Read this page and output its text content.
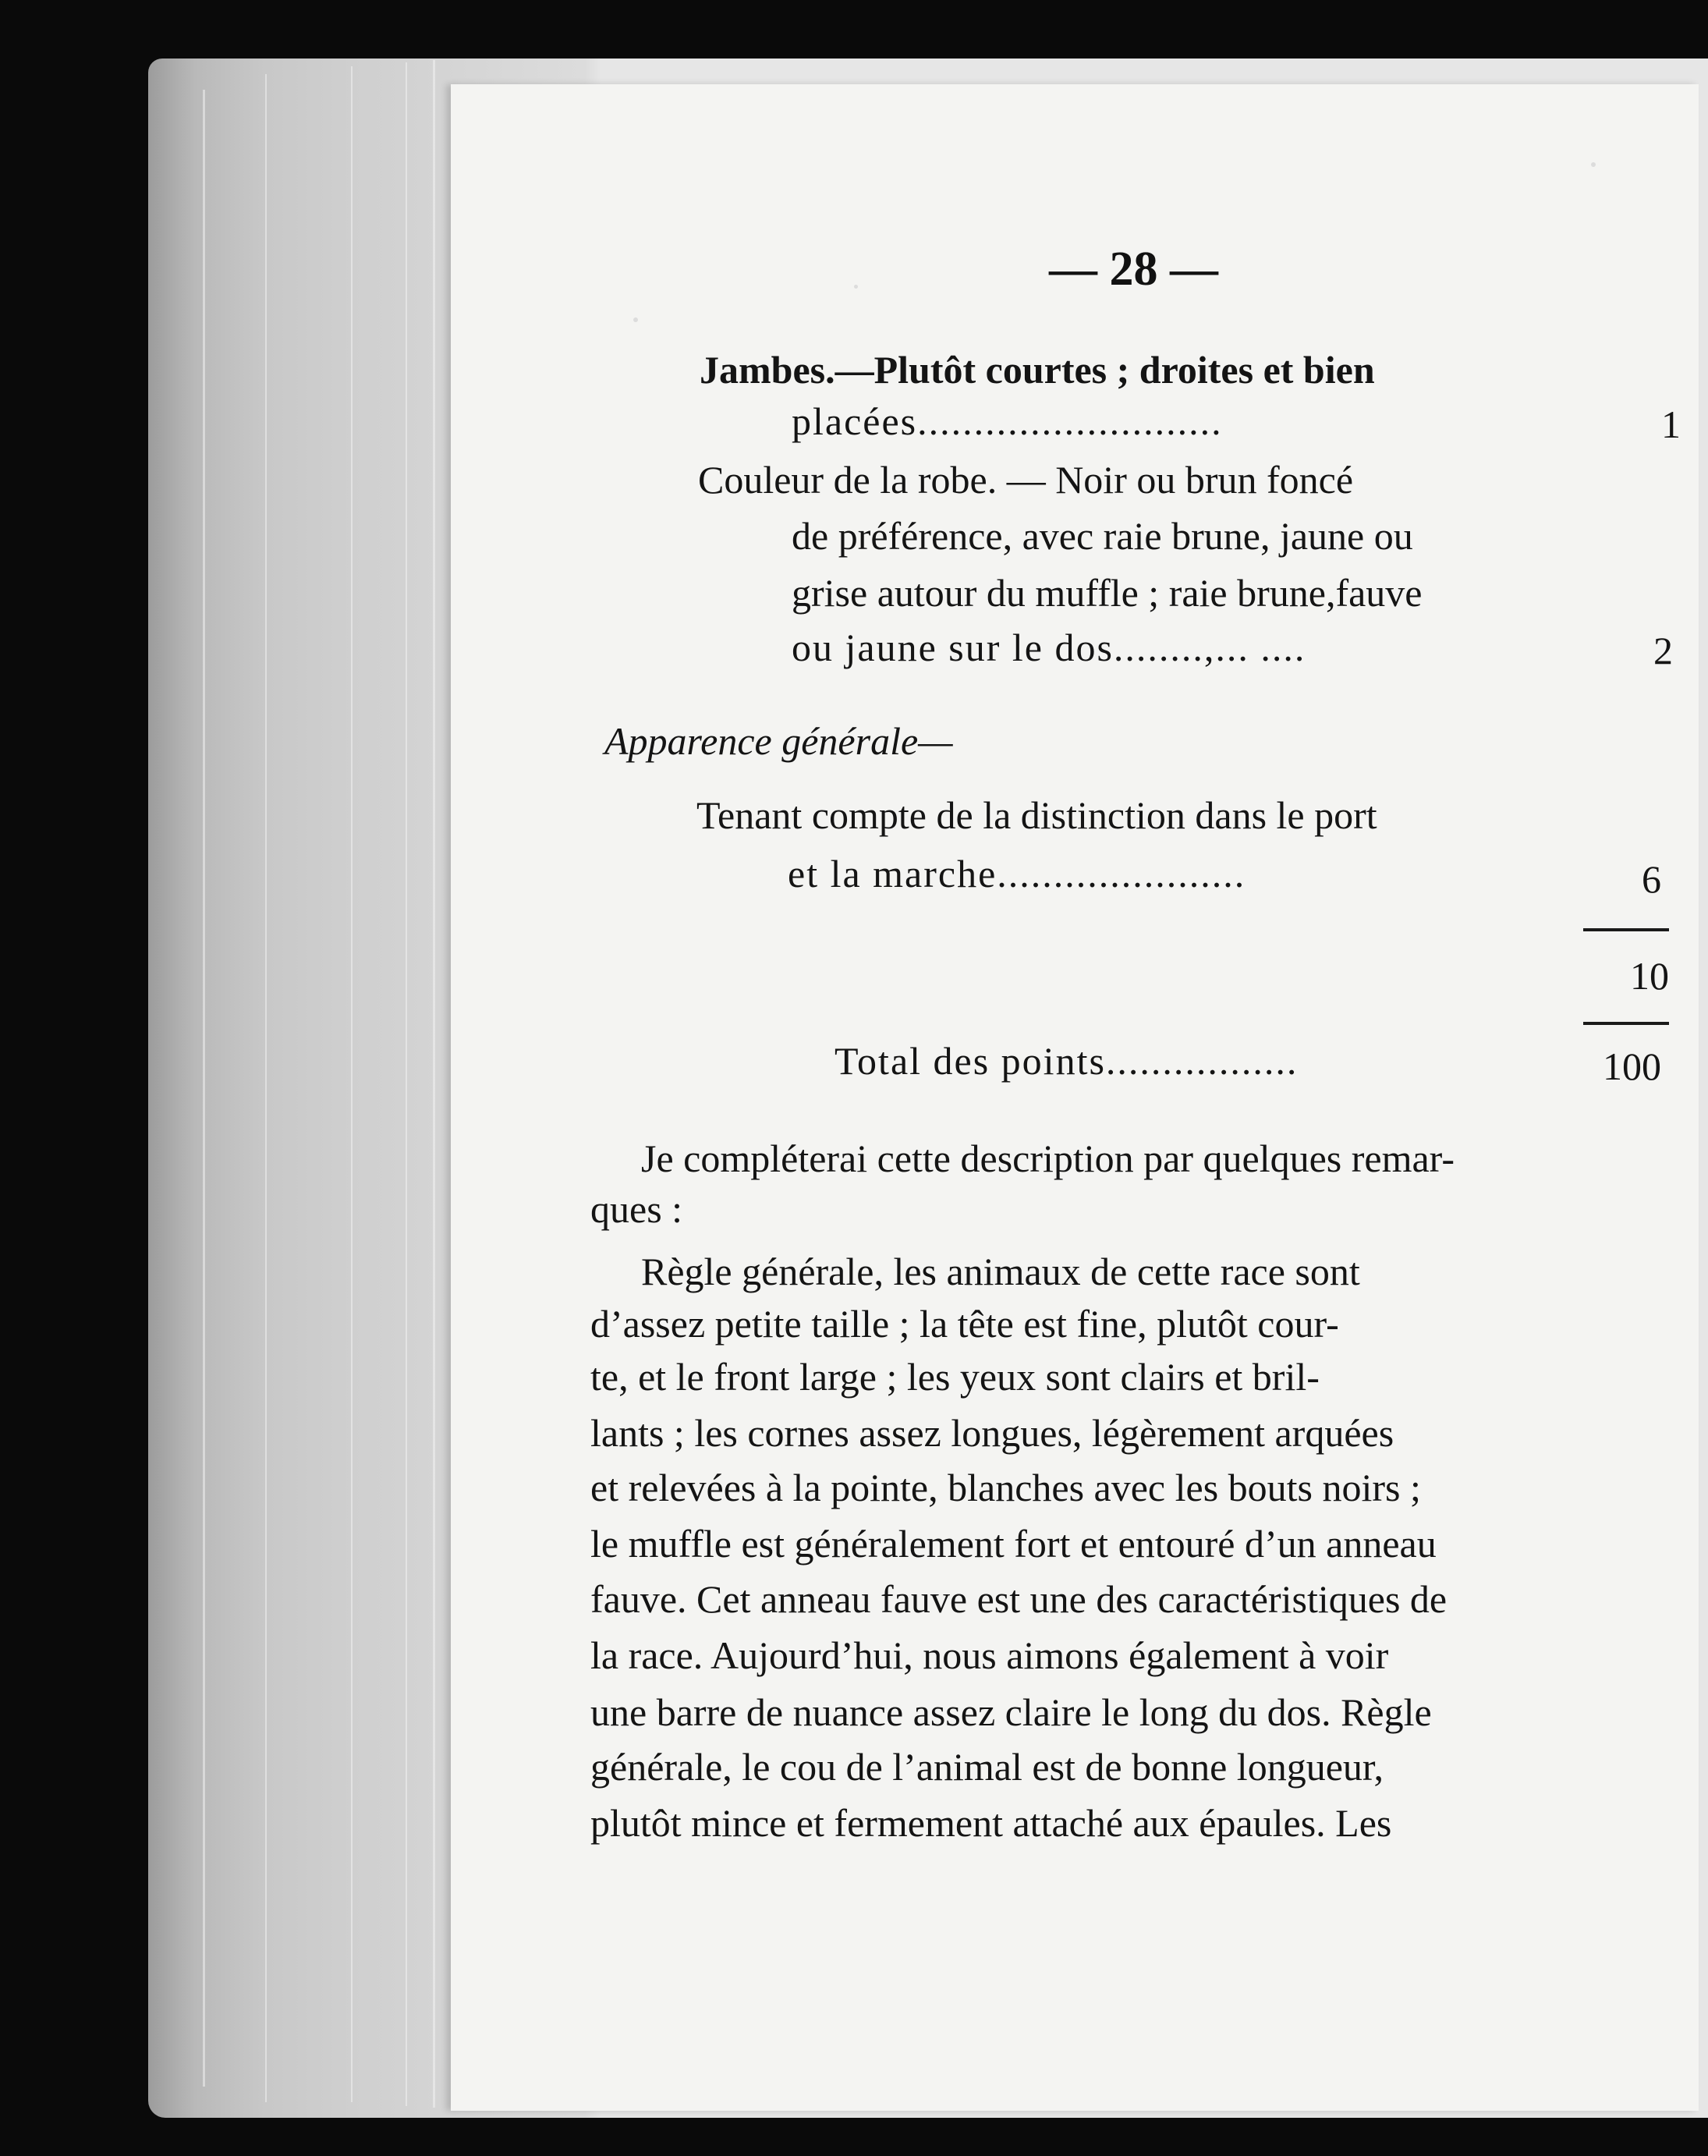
— 28 —
Jambes.—Plutôt courtes ; droites et bien
placées...........................	1
Couleur de la robe. — Noir ou brun foncé
de préférence, avec raie brune, jaune ou
grise autour du muffle ; raie brune,fauve
ou jaune sur le dos........,... ....	2
Apparence générale—
Tenant compte de la distinction dans le port
et la marche......................	6
10
Total des points.................	100
Je compléterai cette description par quelques remar-
ques :
Règle générale, les animaux de cette race sont
d’assez petite taille ; la tête est fine, plutôt cour-
te, et le front large ; les yeux sont clairs et bril-
lants ; les cornes assez longues, légèrement arquées
et relevées à la pointe, blanches avec les bouts noirs ;
le muffle est généralement fort et entouré d’un anneau
fauve. Cet anneau fauve est une des caractéristiques de
la race. Aujourd’hui, nous aimons également à voir
une barre de nuance assez claire le long du dos. Règle
générale, le cou de l’animal est de bonne longueur,
plutôt mince et fermement attaché aux épaules. Les
